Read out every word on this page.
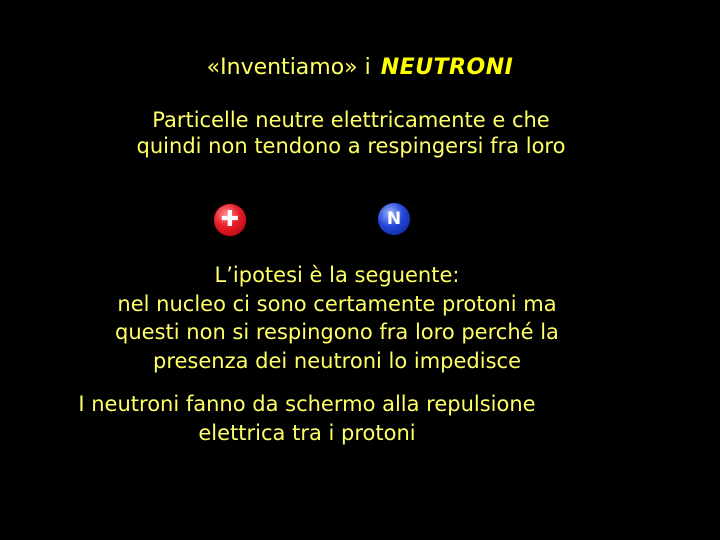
«Inventiamo» i NEUTRONI
Particelle neutre elettricamente e che
quindi non tendono a respingersi fra loro
✚	N
L’ipotesi è la seguente:
nel nucleo ci sono certamente protoni ma
questi non si respingono fra loro perché la
presenza dei neutroni lo impedisce
I neutroni fanno da schermo alla repulsione
elettrica tra i protoni
